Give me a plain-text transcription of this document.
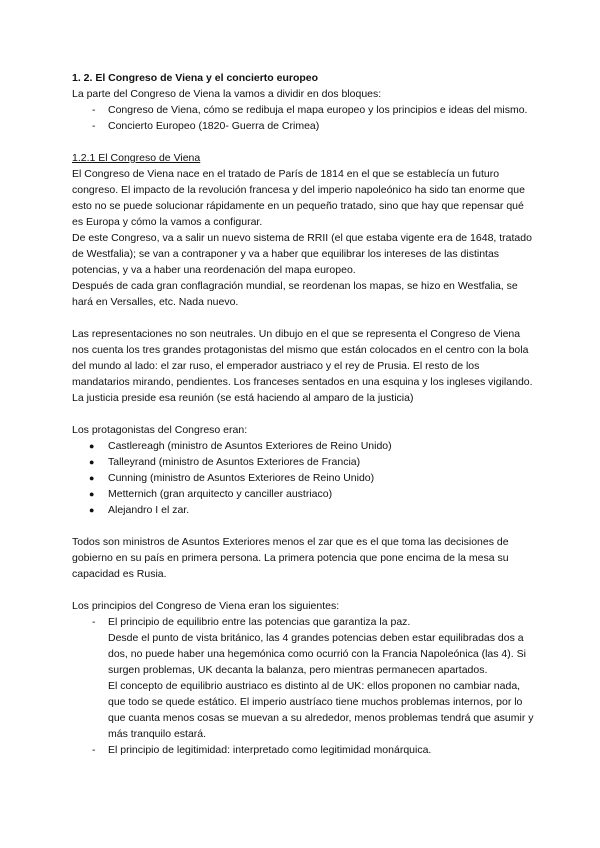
1. 2. El Congreso de Viena y el concierto europeo

La parte del Congreso de Viena la vamos a dividir en dos bloques:

- Congreso de Viena, cómo se redibuja el mapa europeo y los principios e ideas del mismo.
- Concierto Europeo (1820- Guerra de Crimea)

1.2.1 El Congreso de Viena

El Congreso de Viena nace en el tratado de París de 1814 en el que se establecía un futuro congreso. El impacto de la revolución francesa y del imperio napoleónico ha sido tan enorme que esto no se puede solucionar rápidamente en un pequeño tratado, sino que hay que repensar qué es Europa y cómo la vamos a configurar.

De este Congreso, va a salir un nuevo sistema de RRII (el que estaba vigente era de 1648, tratado de Westfalia); se van a contraponer y va a haber que equilibrar los intereses de las distintas potencias, y va a haber una reordenación del mapa europeo.

Después de cada gran conflagración mundial, se reordenan los mapas, se hizo en Westfalia, se hará en Versalles, etc. Nada nuevo.

Las representaciones no son neutrales. Un dibujo en el que se representa el Congreso de Viena nos cuenta los tres grandes protagonistas del mismo que están colocados en el centro con la bola del mundo al lado: el zar ruso, el emperador austriaco y el rey de Prusia. El resto de los mandatarios mirando, pendientes. Los franceses sentados en una esquina y los ingleses vigilando. La justicia preside esa reunión (se está haciendo al amparo de la justicia)

Los protagonistas del Congreso eran:

● Castlereagh (ministro de Asuntos Exteriores de Reino Unido)
● Talleyrand (ministro de Asuntos Exteriores de Francia)
● Cunning (ministro de Asuntos Exteriores de Reino Unido)
● Metternich (gran arquitecto y canciller austriaco)
● Alejandro I el zar.

Todos son ministros de Asuntos Exteriores menos el zar que es el que toma las decisiones de gobierno en su país en primera persona. La primera potencia que pone encima de la mesa su capacidad es Rusia.

Los principios del Congreso de Viena eran los siguientes:

- El principio de equilibrio entre las potencias que garantiza la paz.
Desde el punto de vista británico, las 4 grandes potencias deben estar equilibradas dos a dos, no puede haber una hegemónica como ocurrió con la Francia Napoleónica (las 4). Si surgen problemas, UK decanta la balanza, pero mientras permanecen apartados.
El concepto de equilibrio austriaco es distinto al de UK: ellos proponen no cambiar nada, que todo se quede estático. El imperio austríaco tiene muchos problemas internos, por lo que cuanta menos cosas se muevan a su alrededor, menos problemas tendrá que asumir y más tranquilo estará.
- El principio de legitimidad: interpretado como legitimidad monárquica.
